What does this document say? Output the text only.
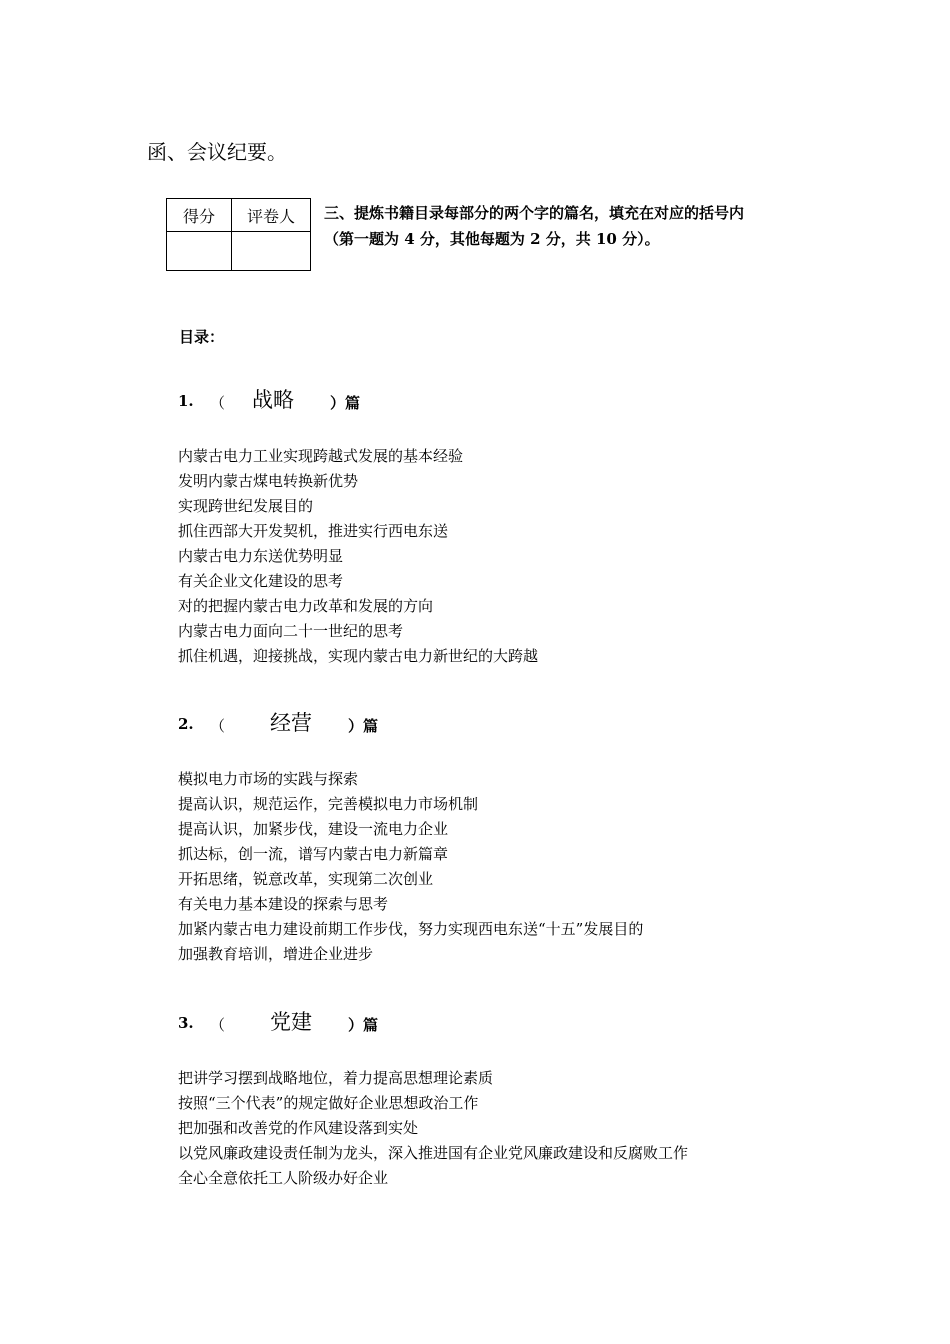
函、会议纪要。
得分	评卷人
	三、提炼书籍目录每部分的两个字的篇名，填充在对应的括号内
（第一题为 4 分，其他每题为 2 分，共 10 分）。
目录：
1. （ 战略 ）篇
内蒙古电力工业实现跨越式发展的基本经验
发明内蒙古煤电转换新优势
实现跨世纪发展目的
抓住西部大开发契机，推进实行西电东送
内蒙古电力东送优势明显
有关企业文化建设的思考
对的把握内蒙古电力改革和发展的方向
内蒙古电力面向二十一世纪的思考
抓住机遇，迎接挑战，实现内蒙古电力新世纪的大跨越
2. （ 经营 ）篇
模拟电力市场的实践与探索
提高认识，规范运作，完善模拟电力市场机制
提高认识，加紧步伐，建设一流电力企业
抓达标，创一流，谱写内蒙古电力新篇章
开拓思绪，锐意改革，实现第二次创业
有关电力基本建设的探索与思考
加紧内蒙古电力建设前期工作步伐，努力实现西电东送“十五”发展目的
加强教育培训，增进企业进步
3. （ 党建 ）篇
把讲学习摆到战略地位，着力提高思想理论素质
按照“三个代表”的规定做好企业思想政治工作
把加强和改善党的作风建设落到实处
以党风廉政建设责任制为龙头，深入推进国有企业党风廉政建设和反腐败工作
全心全意依托工人阶级办好企业
